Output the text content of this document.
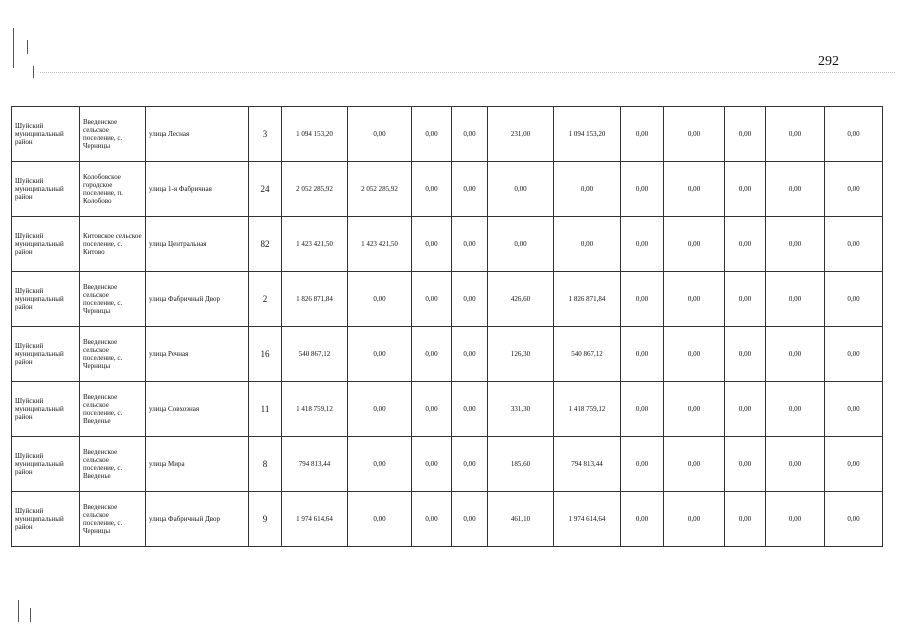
292
Шуйский муниципальный район	Введенское сельское поселение, с. Черницы	улица Лесная	3	1 094 153,20	0,00	0,00	0,00	231,00	1 094 153,20	0,00	0,00	0,00	0,00	0,00
Шуйский муниципальный район	Колобовское городское поселение, п. Колобово	улица 1-я Фабричная	24	2 052 285,92	2 052 285,92	0,00	0,00	0,00	0,00	0,00	0,00	0,00	0,00	0,00
Шуйский муниципальный район	Китовское сельское поселение, с. Китово	улица Центральная	82	1 423 421,50	1 423 421,50	0,00	0,00	0,00	0,00	0,00	0,00	0,00	0,00	0,00
Шуйский муниципальный район	Введенское сельское поселение, с. Черницы	улица Фабричный Двор	2	1 826 871,84	0,00	0,00	0,00	426,60	1 826 871,84	0,00	0,00	0,00	0,00	0,00
Шуйский муниципальный район	Введенское сельское поселение, с. Черницы	улица Речная	16	540 867,12	0,00	0,00	0,00	126,30	540 867,12	0,00	0,00	0,00	0,00	0,00
Шуйский муниципальный район	Введенское сельское поселение, с. Введенье	улица Совхозная	11	1 418 759,12	0,00	0,00	0,00	331,30	1 418 759,12	0,00	0,00	0,00	0,00	0,00
Шуйский муниципальный район	Введенское сельское поселение, с. Введенье	улица Мира	8	794 813,44	0,00	0,00	0,00	185,60	794 813,44	0,00	0,00	0,00	0,00	0,00
Шуйский муниципальный район	Введенское сельское поселение, с. Черницы	улица Фабричный Двор	9	1 974 614,64	0,00	0,00	0,00	461,10	1 974 614,64	0,00	0,00	0,00	0,00	0,00
